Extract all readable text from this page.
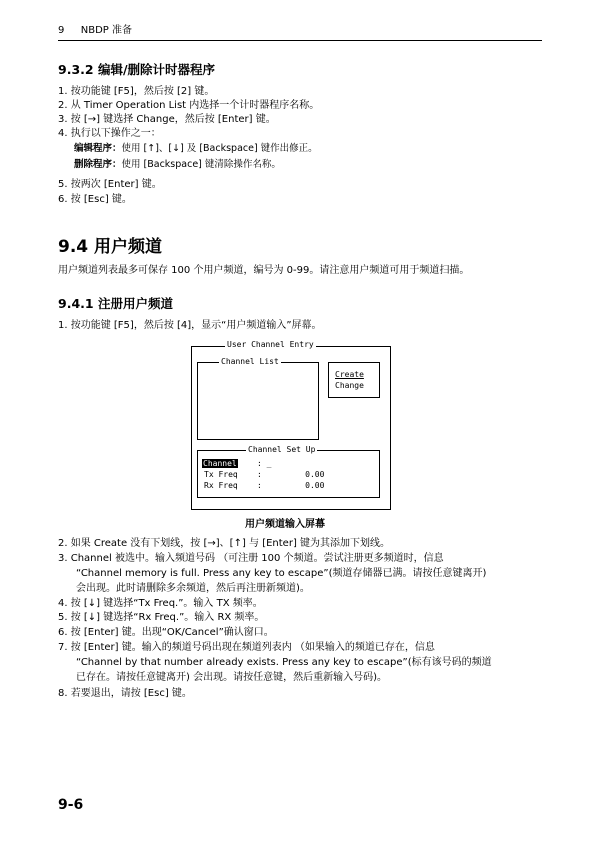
9 NBDP 准备
9.3.2 编辑/删除计时器程序
1. 按功能键 [F5]，然后按 [2] 键。
2. 从 Timer Operation List 内选择一个计时器程序名称。
3. 按 [→] 键选择 Change，然后按 [Enter] 键。
4. 执行以下操作之一：
编辑程序：使用 [↑]、[↓] 及 [Backspace] 键作出修正。
删除程序：使用 [Backspace] 键清除操作名称。
5. 按两次 [Enter] 键。
6. 按 [Esc] 键。
9.4 用户频道
用户频道列表最多可保存 100 个用户频道，编号为 0-99。请注意用户频道可用于频道扫描。
9.4.1 注册用户频道
1. 按功能键 [F5]，然后按 [4]，显示“用户频道输入”屏幕。
User Channel Entry
Channel List
Create
Change
Channel Set Up
Channel	: _
Tx Freq :         0.00
Rx Freq :         0.00
用户频道输入屏幕
2. 如果 Create 没有下划线，按 [→]、[↑] 与 [Enter] 键为其添加下划线。
3. Channel 被选中。输入频道号码 （可注册 100 个频道。尝试注册更多频道时，信息
“Channel memory is full. Press any key to escape”(频道存储器已满。请按任意键离开)
会出现。此时请删除多余频道，然后再注册新频道)。
4. 按 [↓] 键选择“Tx Freq.”。输入 TX 频率。
5. 按 [↓] 键选择“Rx Freq.”。输入 RX 频率。
6. 按 [Enter] 键。出现“OK/Cancel”确认窗口。
7. 按 [Enter] 键。输入的频道号码出现在频道列表内 （如果输入的频道已存在，信息
“Channel by that number already exists. Press any key to escape”(标有该号码的频道
已存在。请按任意键离开) 会出现。请按任意键，然后重新输入号码)。
8. 若要退出，请按 [Esc] 键。
9-6
